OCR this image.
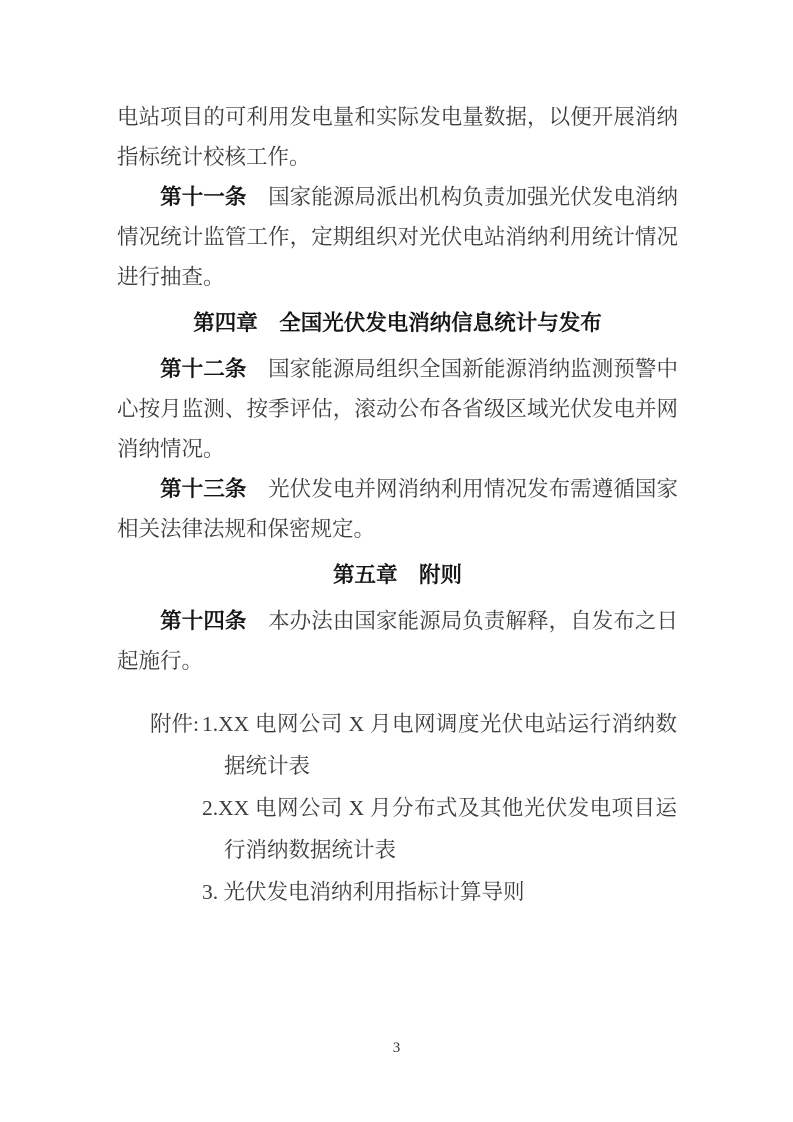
电站项目的可利用发电量和实际发电量数据，以便开展消纳
指标统计校核工作。
　　第十一条　国家能源局派出机构负责加强光伏发电消纳
情况统计监管工作，定期组织对光伏电站消纳利用统计情况
进行抽查。
第四章　全国光伏发电消纳信息统计与发布
　　第十二条　国家能源局组织全国新能源消纳监测预警中
心按月监测、按季评估，滚动公布各省级区域光伏发电并网
消纳情况。
　　第十三条　光伏发电并网消纳利用情况发布需遵循国家
相关法律法规和保密规定。
第五章　附则
　　第十四条　本办法由国家能源局负责解释，自发布之日
起施行。
附件: 1.XX 电网公司 X 月电网调度光伏电站运行消纳数
据统计表
2.XX 电网公司 X 月分布式及其他光伏发电项目运
行消纳数据统计表
3. 光伏发电消纳利用指标计算导则
3
